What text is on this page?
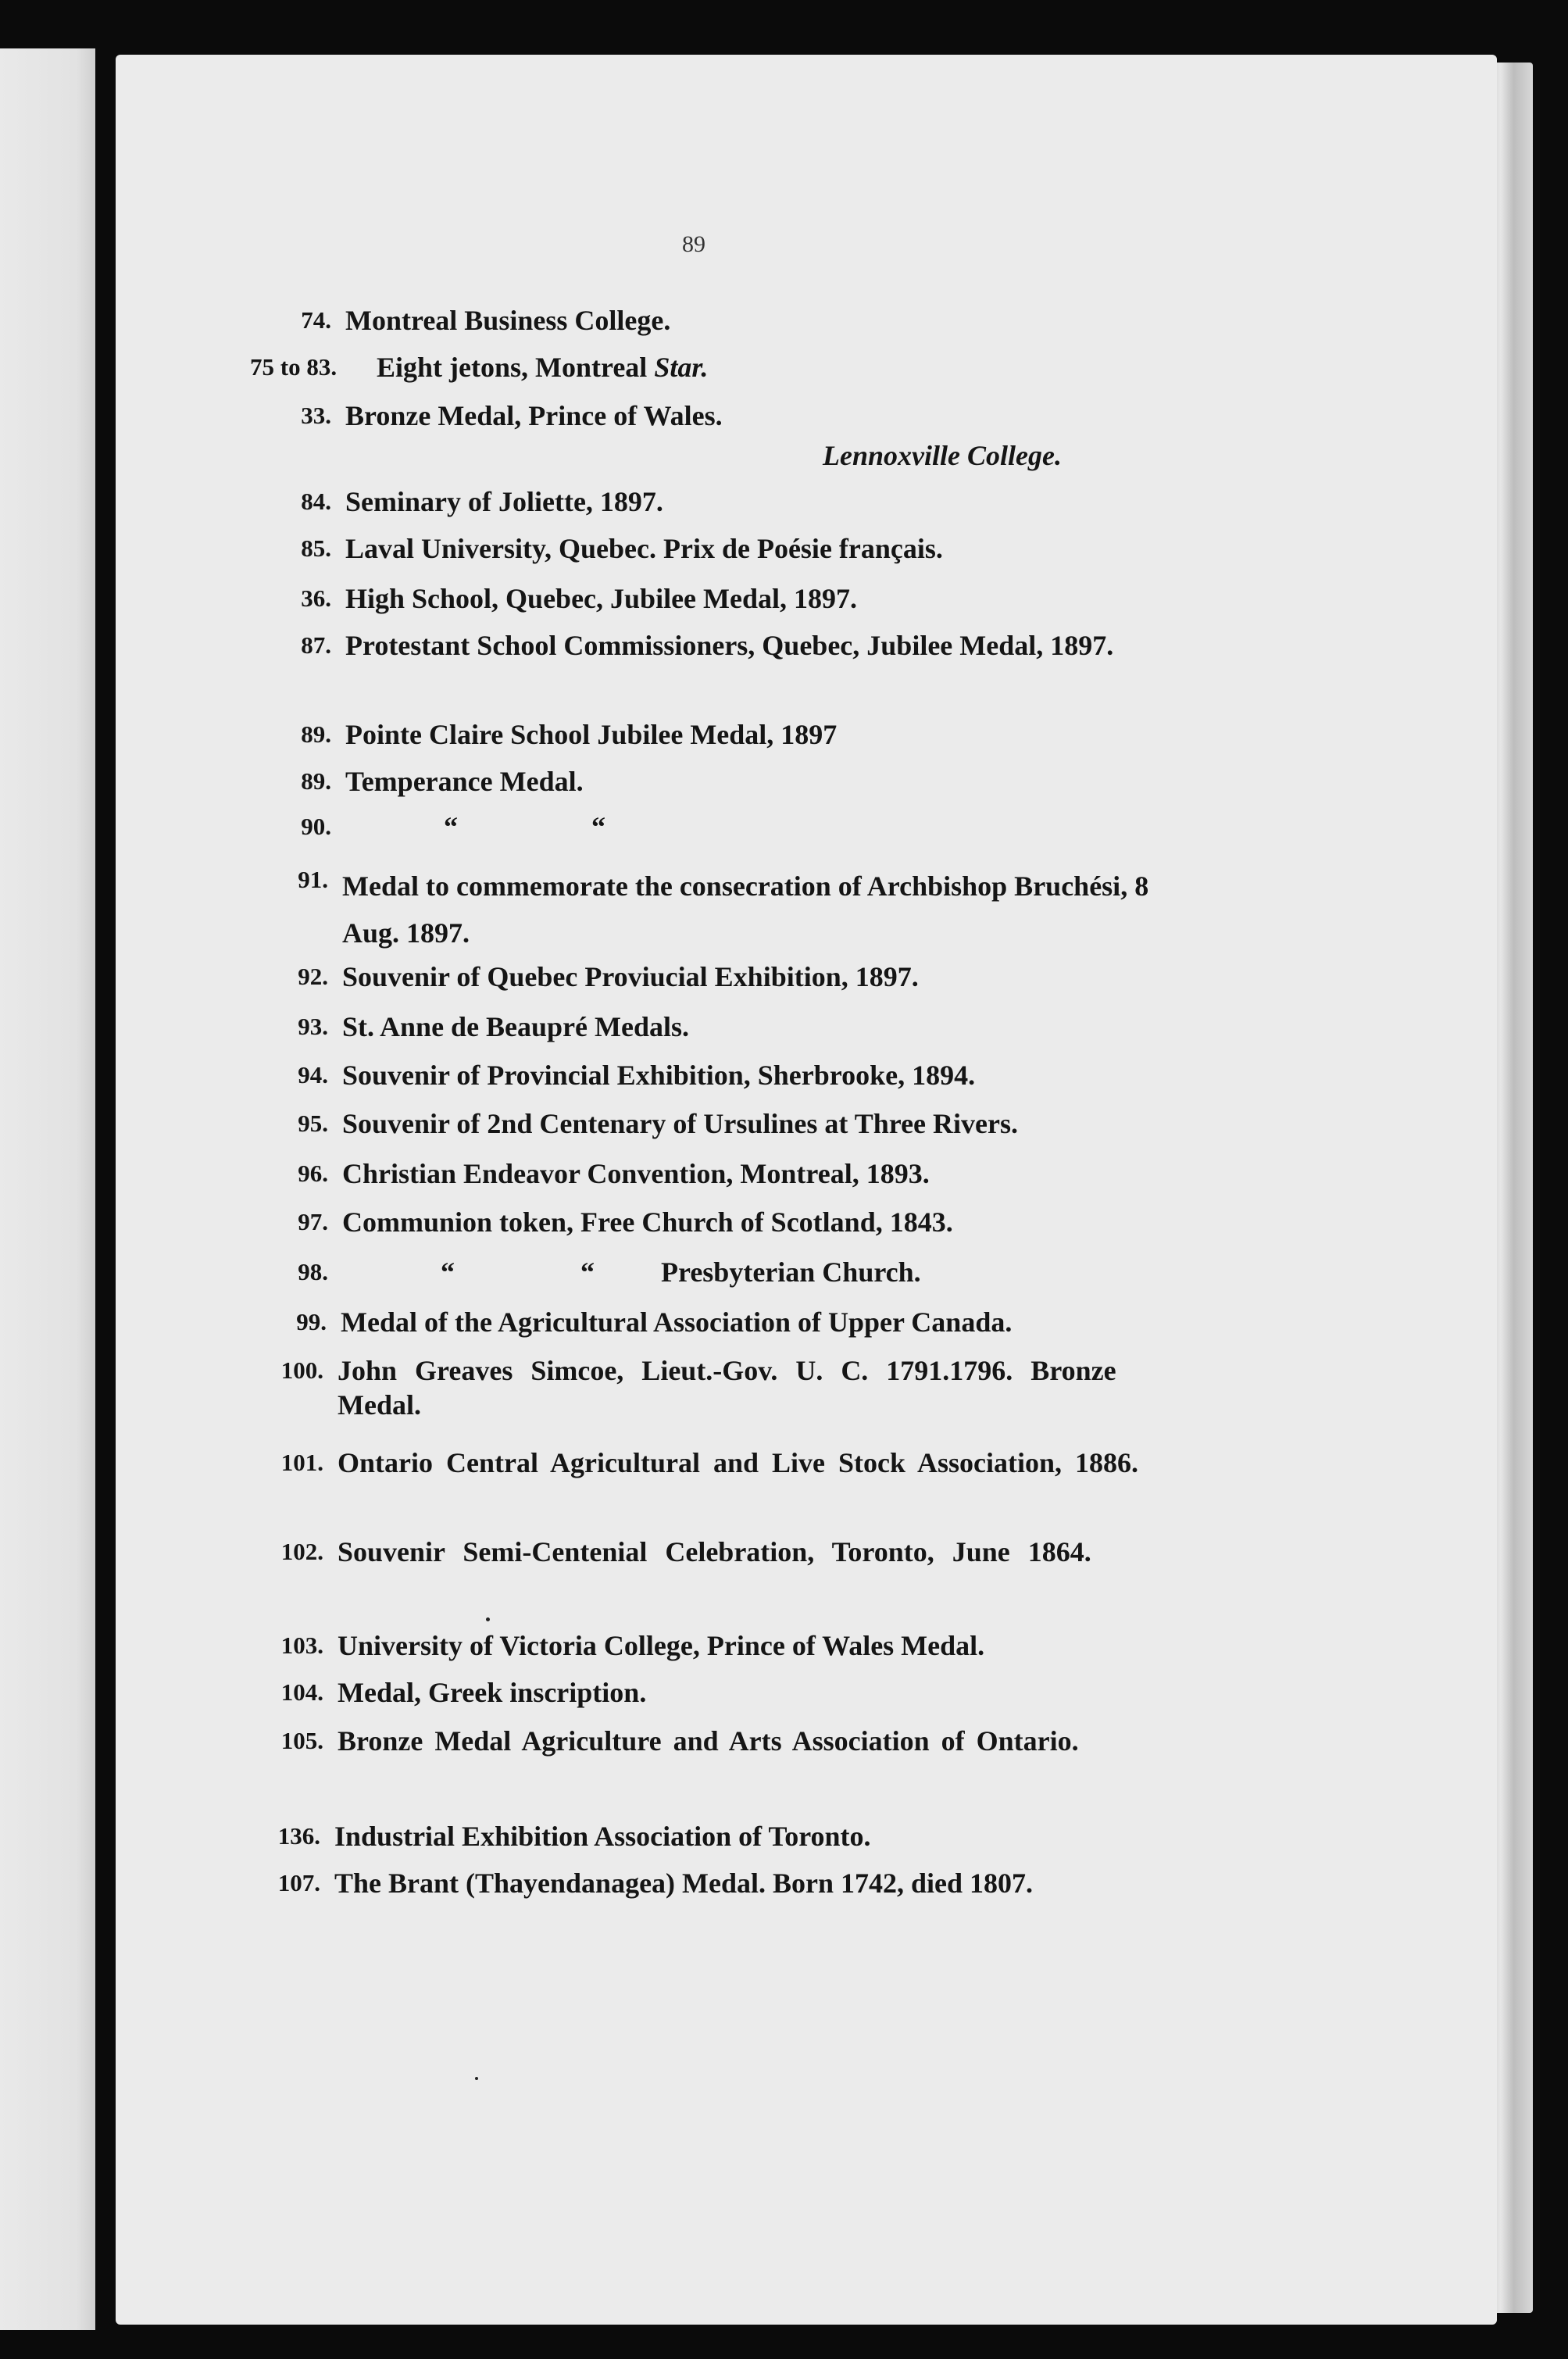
89
74. Montreal Business College.
75 to 83. Eight jetons, Montreal Star.
33. Bronze Medal, Prince of Wales.
Lennoxville College.
84. Seminary of Joliette, 1897.
85. Laval University, Quebec. Prix de Poésie français.
36. High School, Quebec, Jubilee Medal, 1897.
87. Protestant School Commissioners, Quebec, Jubilee Medal, 1897.
89. Pointe Claire School Jubilee Medal, 1897
89. Temperance Medal.
90.	“	“
91. Medal to commemorate the consecration of Archbishop Bruchési, 8 Aug. 1897.
92. Souvenir of Quebec Proviucial Exhibition, 1897.
93. St. Anne de Beaupré Medals.
94. Souvenir of Provincial Exhibition, Sherbrooke, 1894.
95. Souvenir of 2nd Centenary of Ursulines at Three Rivers.
96. Christian Endeavor Convention, Montreal, 1893.
97. Communion token, Free Church of Scotland, 1843.
98.	“	“ Presbyterian Church.
99. Medal of the Agricultural Association of Upper Canada.
100. John Greaves Simcoe, Lieut.-Gov. U. C. 1791.1796. Bronze Medal.
101. Ontario Central Agricultural and Live Stock Association, 1886.
102. Souvenir Semi-Centenial Celebration, Toronto, June 1864.
103. University of Victoria College, Prince of Wales Medal.
104. Medal, Greek inscription.
105. Bronze Medal Agriculture and Arts Association of Ontario.
136. Industrial Exhibition Association of Toronto.
107. The Brant (Thayendanagea) Medal. Born 1742, died 1807.
